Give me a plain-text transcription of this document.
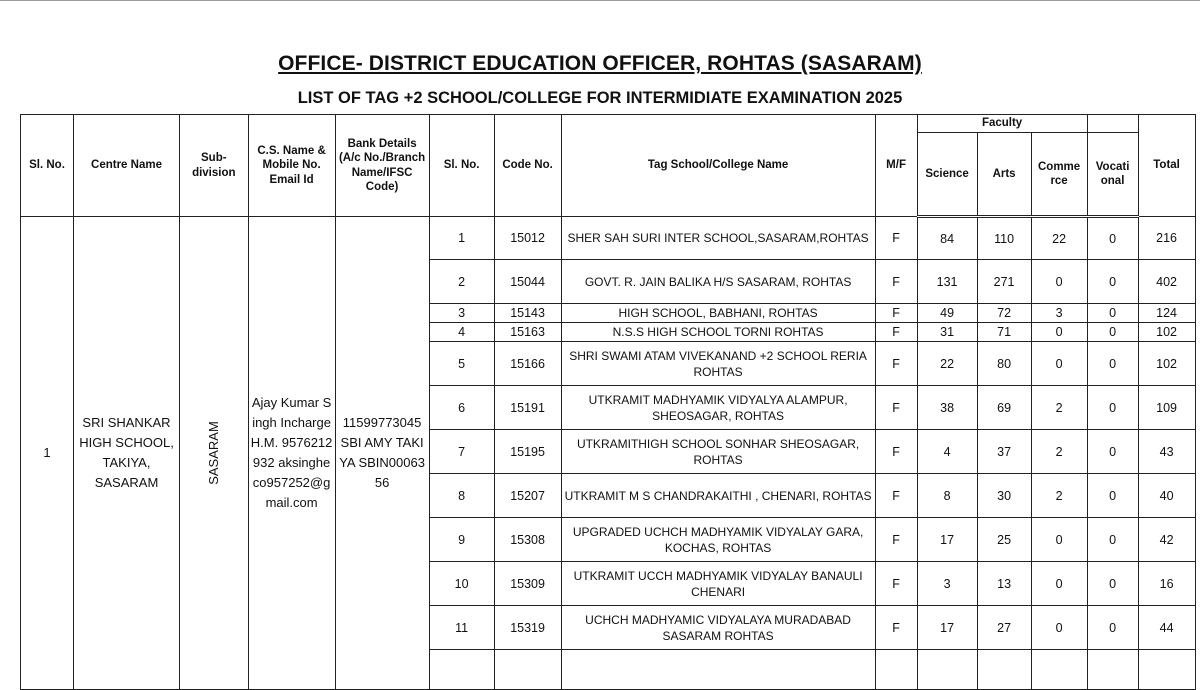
OFFICE- DISTRICT EDUCATION OFFICER, ROHTAS (SASARAM)
LIST OF TAG +2 SCHOOL/COLLEGE FOR INTERMIDIATE EXAMINATION 2025
Sl. No.	Centre Name	Sub-division	C.S. Name & Mobile No. Email Id	Bank Details (A/c No./Branch Name/IFSC Code)	Sl. No.	Code No.	Tag School/College Name	M/F	Faculty				Total
									Science	Arts	Comme rce	Vocati onal	
1	SRI SHANKAR HIGH SCHOOL, TAKIYA, SASARAM	SASARAM	Ajay Kumar Singh Incharge H.M. 9576212932 aksingheco957252@gmail.com	11599773045 SBI AMY TAKIYA SBIN0006356	1	15012	SHER SAH SURI INTER SCHOOL,SASARAM,ROHTAS	F	84	110	22	0	216
					2	15044	GOVT. R. JAIN BALIKA H/S SASARAM, ROHTAS	F	131	271	0	0	402
					3	15143	HIGH SCHOOL, BABHANI, ROHTAS	F	49	72	3	0	124
					4	15163	N.S.S HIGH SCHOOL TORNI ROHTAS	F	31	71	0	0	102
					5	15166	SHRI SWAMI ATAM VIVEKANAND +2 SCHOOL RERIA ROHTAS	F	22	80	0	0	102
					6	15191	UTKRAMIT MADHYAMIK VIDYALYA ALAMPUR, SHEOSAGAR, ROHTAS	F	38	69	2	0	109
					7	15195	UTKRAMITHIGH SCHOOL SONHAR SHEOSAGAR, ROHTAS	F	4	37	2	0	43
					8	15207	UTKRAMIT M S CHANDRAKAITHI , CHENARI, ROHTAS	F	8	30	2	0	40
					9	15308	UPGRADED UCHCH MADHYAMIK VIDYALAY GARA, KOCHAS, ROHTAS	F	17	25	0	0	42
					10	15309	UTKRAMIT UCCH MADHYAMIK VIDYALAY BANAULI CHENARI	F	3	13	0	0	16
					11	15319	UCHCH MADHYAMIC VIDYALAYA MURADABAD SASARAM ROHTAS	F	17	27	0	0	44
